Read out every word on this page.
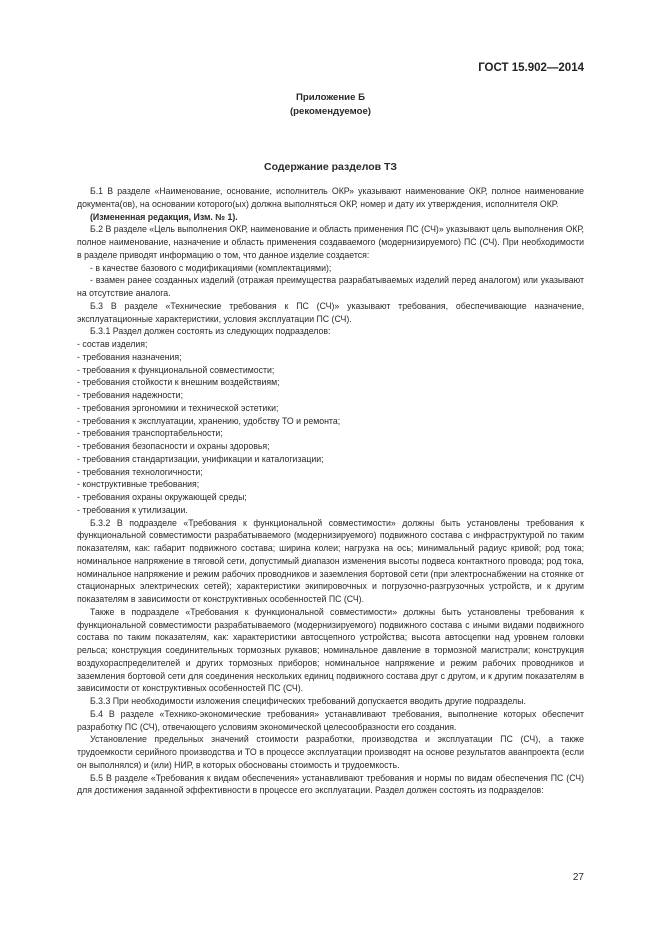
ГОСТ 15.902—2014
Приложение Б
(рекомендуемое)
Содержание разделов ТЗ

Б.1 В разделе «Наименование, основание, исполнитель ОКР» указывают наименование ОКР, полное наименование документа(ов), на основании которого(ых) должна выполняться ОКР, номер и дату их утверждения, исполнителя ОКР.

(Измененная редакция, Изм. № 1).

Б.2 В разделе «Цель выполнения ОКР, наименование и область применения ПС (СЧ)» указывают цель выполнения ОКР, полное наименование, назначение и область применения создаваемого (модернизируемого) ПС (СЧ). При необходимости в разделе приводят информацию о том, что данное изделие создается:

- в качестве базового с модификациями (комплектациями);

- взамен ранее созданных изделий (отражая преимущества разрабатываемых изделий перед аналогом) или указывают на отсутствие аналога.

Б.3 В разделе «Технические требования к ПС (СЧ)» указывают требования, обеспечивающие назначение, эксплуатационные характеристики, условия эксплуатации ПС (СЧ).

Б.3.1 Раздел должен состоять из следующих подразделов:

- состав изделия;
- требования назначения;
- требования к функциональной совместимости;
- требования стойкости к внешним воздействиям;
- требования надежности;
- требования эргономики и технической эстетики;
- требования к эксплуатации, хранению, удобству ТО и ремонта;
- требования транспортабельности;
- требования безопасности и охраны здоровья;
- требования стандартизации, унификации и каталогизации;
- требования технологичности;
- конструктивные требования;
- требования охраны окружающей среды;
- требования к утилизации.

Б.3.2 В подразделе «Требования к функциональной совместимости» должны быть установлены требования к функциональной совместимости разрабатываемого (модернизируемого) подвижного состава с инфраструктурой по таким показателям, как: габарит подвижного состава; ширина колеи; нагрузка на ось; минимальный радиус кривой; род тока; номинальное напряжение в тяговой сети, допустимый диапазон изменения высоты подвеса контактного провода; род тока, номинальное напряжение и режим рабочих проводников и заземления бортовой сети (при электроснабжении на стоянке от стационарных электрических сетей); характеристики экипировочных и погрузочно-разгрузочных устройств, и к другим показателям в зависимости от конструктивных особенностей ПС (СЧ).

Также в подразделе «Требования к функциональной совместимости» должны быть установлены требования к функциональной совместимости разрабатываемого (модернизируемого) подвижного состава с иными видами подвижного состава по таким показателям, как: характеристики автосцепного устройства; высота автосцепки над уровнем головки рельса; конструкция соединительных тормозных рукавов; номинальное давление в тормозной магистрали; конструкция воздухораспределителей и других тормозных приборов; номинальное напряжение и режим рабочих проводников и заземления бортовой сети для соединения нескольких единиц подвижного состава друг с другом, и к другим показателям в зависимости от конструктивных особенностей ПС (СЧ).

Б.3.3 При необходимости изложения специфических требований допускается вводить другие подразделы.

Б.4 В разделе «Технико-экономические требования» устанавливают требования, выполнение которых обеспечит разработку ПС (СЧ), отвечающего условиям экономической целесообразности его создания.

Установление предельных значений стоимости разработки, производства и эксплуатации ПС (СЧ), а также трудоемкости серийного производства и ТО в процессе эксплуатации производят на основе результатов аванпроекта (если он выполнялся) и (или) НИР, в которых обоснованы стоимость и трудоемкость.

Б.5 В разделе «Требования к видам обеспечения» устанавливают требования и нормы по видам обеспечения ПС (СЧ) для достижения заданной эффективности в процессе его эксплуатации. Раздел должен состоять из подразделов:

27
